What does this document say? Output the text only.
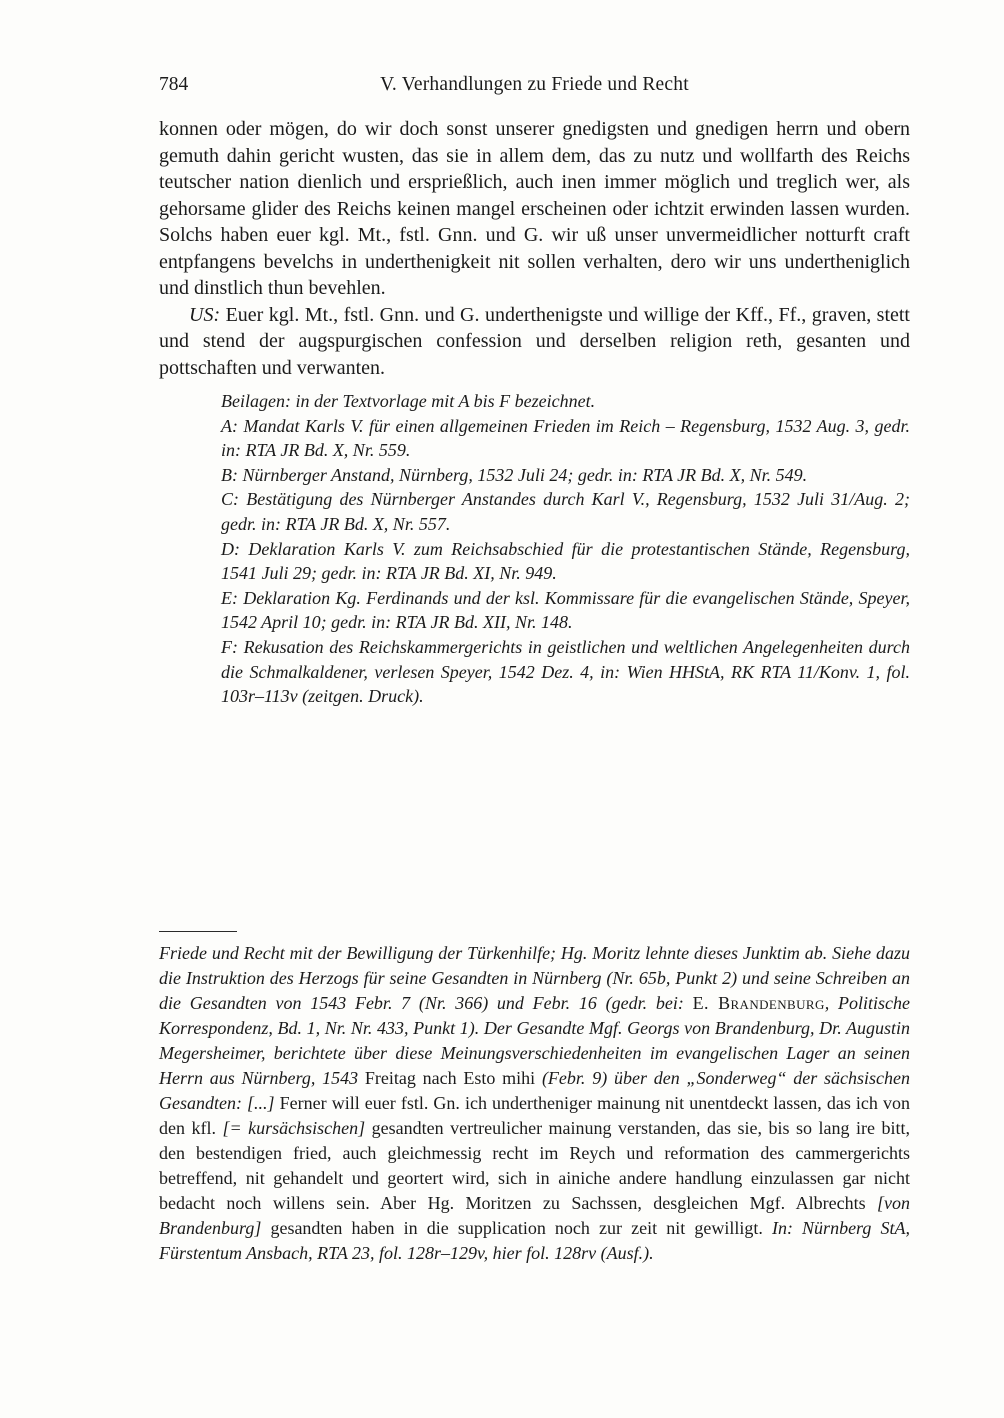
784	V. Verhandlungen zu Friede und Recht

konnen oder mögen, do wir doch sonst unserer gnedigsten und gnedigen herrn und obern gemuth dahin gericht wusten, das sie in allem dem, das zu nutz und wollfarth des Reichs teutscher nation dienlich und ersprießlich, auch inen immer möglich und treglich wer, als gehorsame glider des Reichs keinen mangel erscheinen oder ichtzit erwinden lassen wurden. Solchs haben euer kgl. Mt., fstl. Gnn. und G. wir uß unser unvermeidlicher notturft craft entpfangens bevelchs in underthenigkeit nit sollen verhalten, dero wir uns undertheniglich und dinstlich thun bevehlen.

US: Euer kgl. Mt., fstl. Gnn. und G. underthenigste und willige der Kff., Ff., graven, stett und stend der augspurgischen confession und derselben religion reth, gesanten und pottschaften und verwanten.

Beilagen: in der Textvorlage mit A bis F bezeichnet.

A: Mandat Karls V. für einen allgemeinen Frieden im Reich – Regensburg, 1532 Aug. 3, gedr. in: RTA JR Bd. X, Nr. 559.

B: Nürnberger Anstand, Nürnberg, 1532 Juli 24; gedr. in: RTA JR Bd. X, Nr. 549.

C: Bestätigung des Nürnberger Anstandes durch Karl V., Regensburg, 1532 Juli 31/Aug. 2; gedr. in: RTA JR Bd. X, Nr. 557.

D: Deklaration Karls V. zum Reichsabschied für die protestantischen Stände, Regensburg, 1541 Juli 29; gedr. in: RTA JR Bd. XI, Nr. 949.

E: Deklaration Kg. Ferdinands und der ksl. Kommissare für die evangelischen Stände, Speyer, 1542 April 10; gedr. in: RTA JR Bd. XII, Nr. 148.

F: Rekusation des Reichskammergerichts in geistlichen und weltlichen Angelegenheiten durch die Schmalkaldener, verlesen Speyer, 1542 Dez. 4, in: Wien HHStA, RK RTA 11/Konv. 1, fol. 103r–113v (zeitgen. Druck).

Friede und Recht mit der Bewilligung der Türkenhilfe; Hg. Moritz lehnte dieses Junktim ab. Siehe dazu die Instruktion des Herzogs für seine Gesandten in Nürnberg (Nr. 65b, Punkt 2) und seine Schreiben an die Gesandten von 1543 Febr. 7 (Nr. 366) und Febr. 16 (gedr. bei: E. Brandenburg, Politische Korrespondenz, Bd. 1, Nr. Nr. 433, Punkt 1). Der Gesandte Mgf. Georgs von Brandenburg, Dr. Augustin Megersheimer, berichtete über diese Meinungsverschiedenheiten im evangelischen Lager an seinen Herrn aus Nürnberg, 1543 Freitag nach Esto mihi (Febr. 9) über den „Sonderweg“ der sächsischen Gesandten: [...] Ferner will euer fstl. Gn. ich undertheniger mainung nit unentdeckt lassen, das ich von den kfl. [= kursächsischen] gesandten vertreulicher mainung verstanden, das sie, bis so lang ire bitt, den bestendigen fried, auch gleichmessig recht im Reych und reformation des cammergerichts betreffend, nit gehandelt und geortert wird, sich in ainiche andere handlung einzulassen gar nicht bedacht noch willens sein. Aber Hg. Moritzen zu Sachssen, desgleichen Mgf. Albrechts [von Brandenburg] gesandten haben in die supplication noch zur zeit nit gewilligt. In: Nürnberg StA, Fürstentum Ansbach, RTA 23, fol. 128r–129v, hier fol. 128rv (Ausf.).
